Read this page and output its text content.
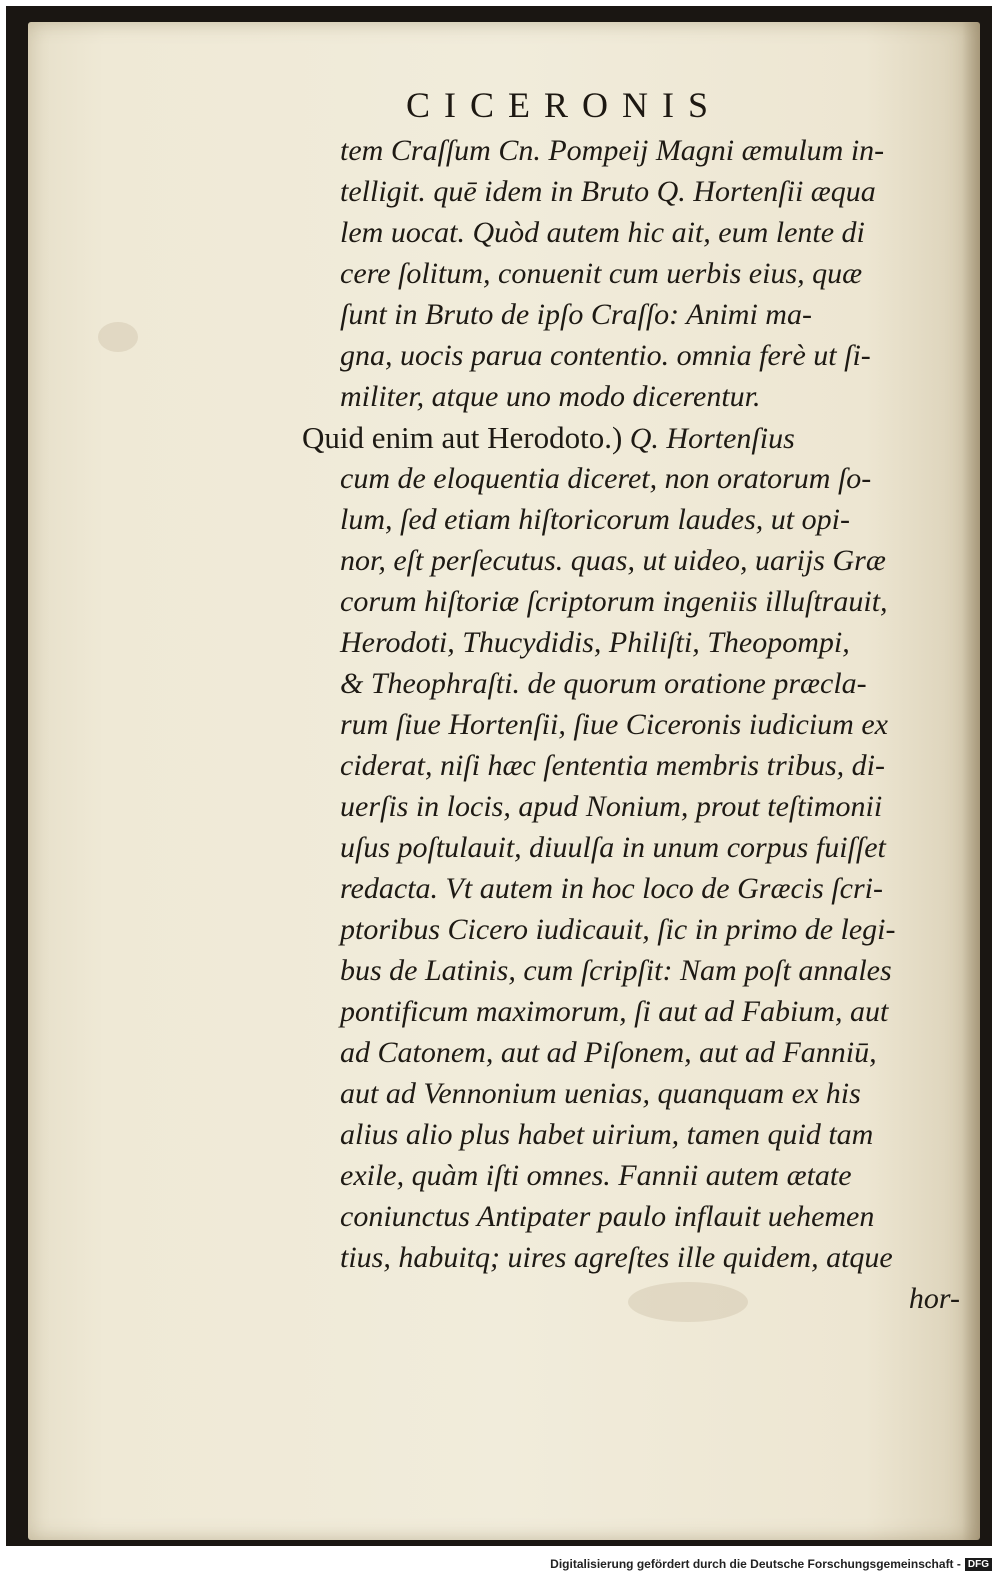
CICERONIS
tem Craſſum Cn. Pompeij Magni æmulum in-
telligit. quē idem in Bruto Q. Hortenſii æqua
lem uocat. Quòd autem hic ait, eum lente di
cere ſolitum, conuenit cum uerbis eius, quæ
ſunt in Bruto de ipſo Craſſo: Animi ma-
gna, uocis parua contentio. omnia ferè ut ſi-
militer, atque uno modo dicerentur.
Quid enim aut Herodoto.) Q. Hortenſius
cum de eloquentia diceret, non oratorum ſo-
lum, ſed etiam hiſtoricorum laudes, ut opi-
nor, eſt perſecutus. quas, ut uideo, uarijs Græ
corum hiſtoriæ ſcriptorum ingeniis illuſtrauit,
Herodoti, Thucydidis, Philiſti, Theopompi,
& Theophraſti. de quorum oratione præcla-
rum ſiue Hortenſii, ſiue Ciceronis iudicium ex
ciderat, niſi hæc ſententia membris tribus, di-
uerſis in locis, apud Nonium, prout teſtimonii
uſus poſtulauit, diuulſa in unum corpus fuiſſet
redacta. Vt autem in hoc loco de Græcis ſcri-
ptoribus Cicero iudicauit, ſic in primo de legi-
bus de Latinis, cum ſcripſit: Nam poſt annales
pontificum maximorum, ſi aut ad Fabium, aut
ad Catonem, aut ad Piſonem, aut ad Fanniū,
aut ad Vennonium uenias, quanquam ex his
alius alio plus habet uirium, tamen quid tam
exile, quàm iſti omnes. Fannii autem ætate
coniunctus Antipater paulo inflauit uehemen
tius, habuitq; uires agreſtes ille quidem, atque
hor-
Digitalisierung gefördert durch die Deutsche Forschungsgemeinschaft - DFG
